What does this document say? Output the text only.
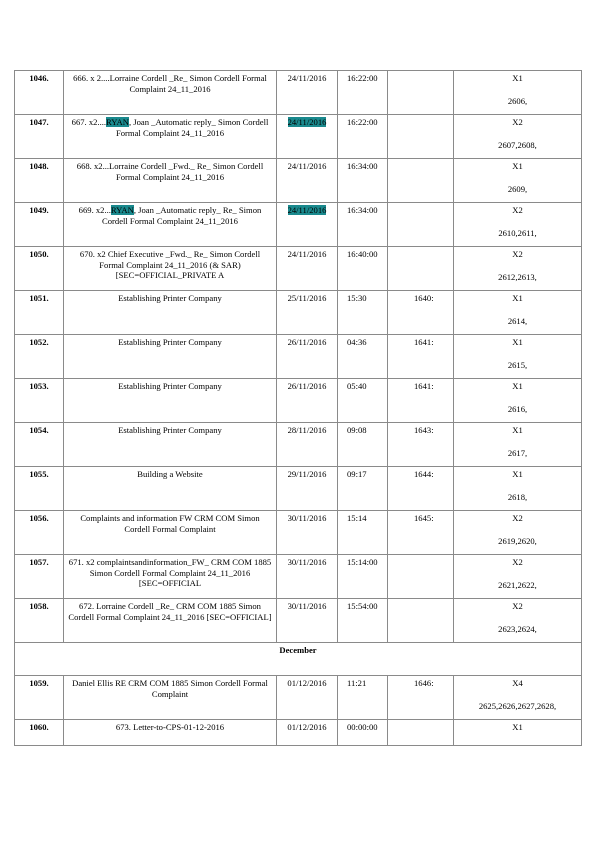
1046.	666. x 2....Lorraine Cordell _Re_ Simon Cordell Formal Complaint 24_11_2016	24/11/2016	16:22:00		X1
2606,

1047.	667. x2....RYAN, Joan _Automatic reply_ Simon Cordell Formal Complaint 24_11_2016	24/11/2016	16:22:00		X2
2607,2608,

1048.	668. x2...Lorraine Cordell _Fwd._ Re_ Simon Cordell Formal Complaint 24_11_2016	24/11/2016	16:34:00		X1
2609,

1049.	669. x2...RYAN, Joan _Automatic reply_ Re_ Simon Cordell Formal Complaint 24_11_2016	24/11/2016	16:34:00		X2
2610,2611,

1050.	670. x2 Chief Executive _Fwd._ Re_ Simon Cordell Formal Complaint 24_11_2016 (& SAR) [SEC=OFFICIAL_PRIVATE A	24/11/2016	16:40:00		X2
2612,2613,

1051.	Establishing Printer Company	25/11/2016	15:30	1640:	X1
2614,

1052.	Establishing Printer Company	26/11/2016	04:36	1641:	X1
2615,

1053.	Establishing Printer Company	26/11/2016	05:40	1641:	X1
2616,

1054.	Establishing Printer Company	28/11/2016	09:08	1643:	X1
2617,

1055.	Building a Website	29/11/2016	09:17	1644:	X1
2618,

1056.	Complaints and information FW CRM COM Simon Cordell Formal Complaint	30/11/2016	15:14	1645:	X2
2619,2620,

1057.	671. x2 complaintsandinformation_FW_ CRM COM 1885 Simon Cordell Formal Complaint 24_11_2016 [SEC=OFFICIAL	30/11/2016	15:14:00		X2
2621,2622,

1058.	672. Lorraine Cordell _Re_ CRM COM 1885 Simon Cordell Formal Complaint 24_11_2016 [SEC=OFFICIAL]	30/11/2016	15:54:00		X2
2623,2624,

December					
1059.	Daniel Ellis RE CRM COM 1885 Simon Cordell Formal Complaint	01/12/2016	11:21	1646:	X4
2625,2626,2627,2628,

1060.	673. Letter-to-CPS-01-12-2016	01/12/2016	00:00:00		X1
